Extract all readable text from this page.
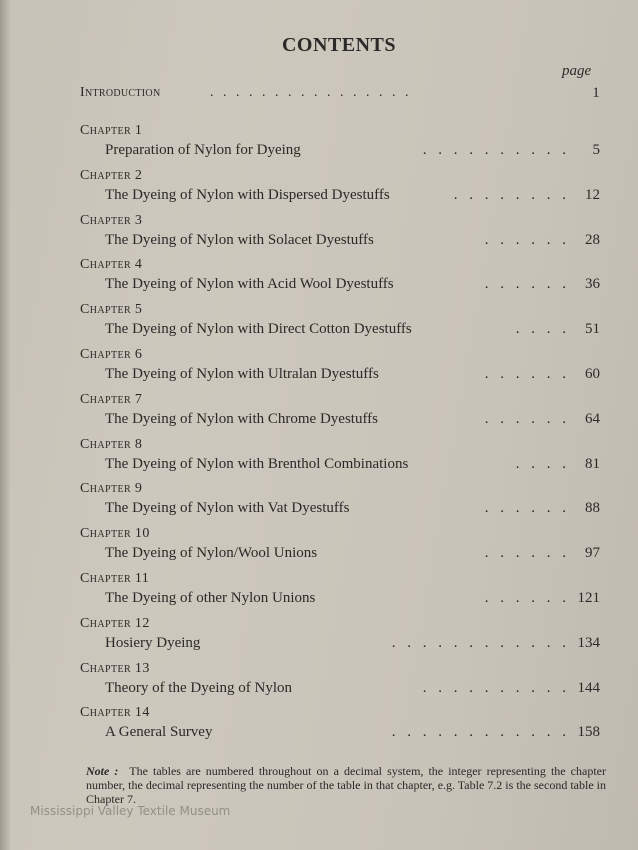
CONTENTS
page
Introduction	. . . . . . . . . . . . . . . .	1
Chapter 1
Preparation of Nylon for Dyeing	. . . . . . . . . . 5
Chapter 2
The Dyeing of Nylon with Dispersed Dyestuffs	. . . . . . . . 12
Chapter 3
The Dyeing of Nylon with Solacet Dyestuffs	. . . . . . 28
Chapter 4
The Dyeing of Nylon with Acid Wool Dyestuffs	. . . . . . 36
Chapter 5
The Dyeing of Nylon with Direct Cotton Dyestuffs	. . . . 51
Chapter 6
The Dyeing of Nylon with Ultralan Dyestuffs	. . . . . . 60
Chapter 7
The Dyeing of Nylon with Chrome Dyestuffs	. . . . . . 64
Chapter 8
The Dyeing of Nylon with Brenthol Combinations	. . . . 81
Chapter 9
The Dyeing of Nylon with Vat Dyestuffs	. . . . . . 88
Chapter 10
The Dyeing of Nylon/Wool Unions	. . . . . . 97
Chapter 11
The Dyeing of other Nylon Unions	. . . . . . 121
Chapter 12
Hosiery Dyeing	. . . . . . . . . . . . 134
Chapter 13
Theory of the Dyeing of Nylon	. . . . . . . . . . 144
Chapter 14
A General Survey	. . . . . . . . . . . . 158
Note : The tables are numbered throughout on a decimal system, the integer representing the chapter number, the decimal representing the number of the table in that chapter, e.g. Table 7.2 is the second table in Chapter 7.
Mississippi Valley Textile Museum
